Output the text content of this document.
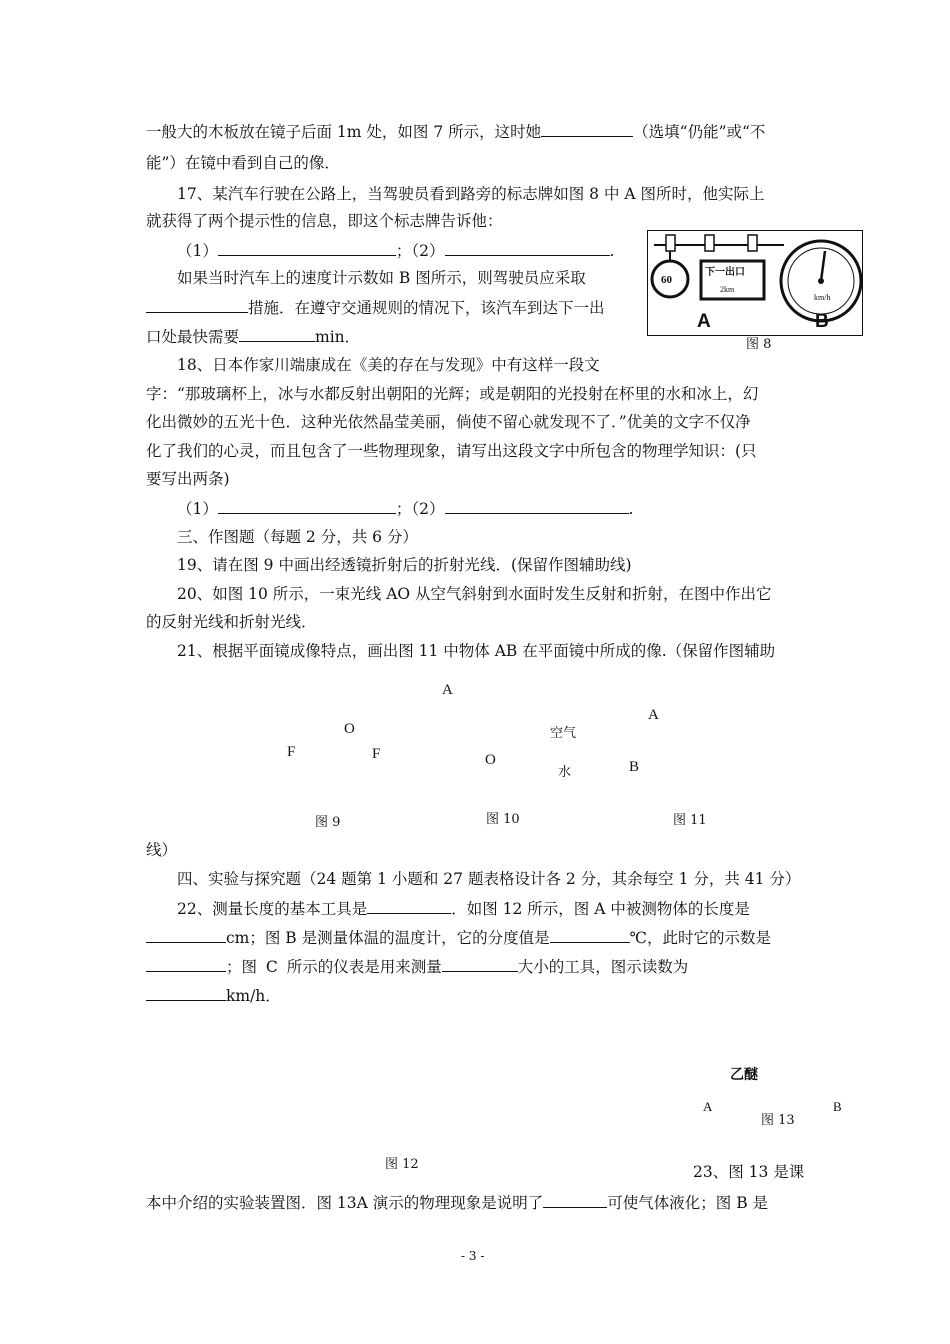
一般大的木板放在镜子后面 1m 处，如图 7 所示，这时她	（选填“仍能”或“不
能”）在镜中看到自己的像．
17、某汽车行驶在公路上，当驾驶员看到路旁的标志牌如图 8 中 A 图所时，他实际上
就获得了两个提示性的信息，即这个标志牌告诉他：
（1）	；（2）	.
如果当时汽车上的速度计示数如 B 图所示，则驾驶员应采取
措施．在遵守交通规则的情况下，该汽车到达下一出
口处最快需要	min．
18、日本作家川端康成在《美的存在与发现》中有这样一段文
字：“那玻璃杯上，冰与水都反射出朝阳的光辉；或是朝阳的光投射在杯里的水和冰上，幻
化出微妙的五光十色．这种光依然晶莹美丽，倘使不留心就发现不了．”优美的文字不仅净
化了我们的心灵，而且包含了一些物理现象，请写出这段文字中所包含的物理学知识：(只
要写出两条)
（1）	；（2）	.
三、作图题（每题 2 分，共 6 分）
19、请在图 9 中画出经透镜折射后的折射光线．(保留作图辅助线)
20、如图 10 所示，一束光线 AO 从空气斜射到水面时发生反射和折射，在图中作出它
的反射光线和折射光线．
21、根据平面镜成像特点，画出图 11 中物体 AB 在平面镜中所成的像.（保留作图辅助
线）
四、实验与探究题（24 题第 1 小题和 27 题表格设计各 2 分，其余每空 1 分，共 41 分）
22、测量长度的基本工具是	．如图 12 所示，图 A 中被测物体的长度是
cm；图 B 是测量体温的温度计，它的分度值是	℃，此时它的示数是
；图 C 所示的仪表是用来测量	大小的工具，图示读数为
km/h．
23、图 13 是课
本中介绍的实验装置图．图 13A 演示的物理现象是说明了	可使气体液化；图 B 是
60
下一出口
2km
km/h
A	B
图 8
O
F	F
图 9
A
空气
O
水
图 10
A
B
图 11
乙醚
A	B
图 13
图 12
- 3 -
